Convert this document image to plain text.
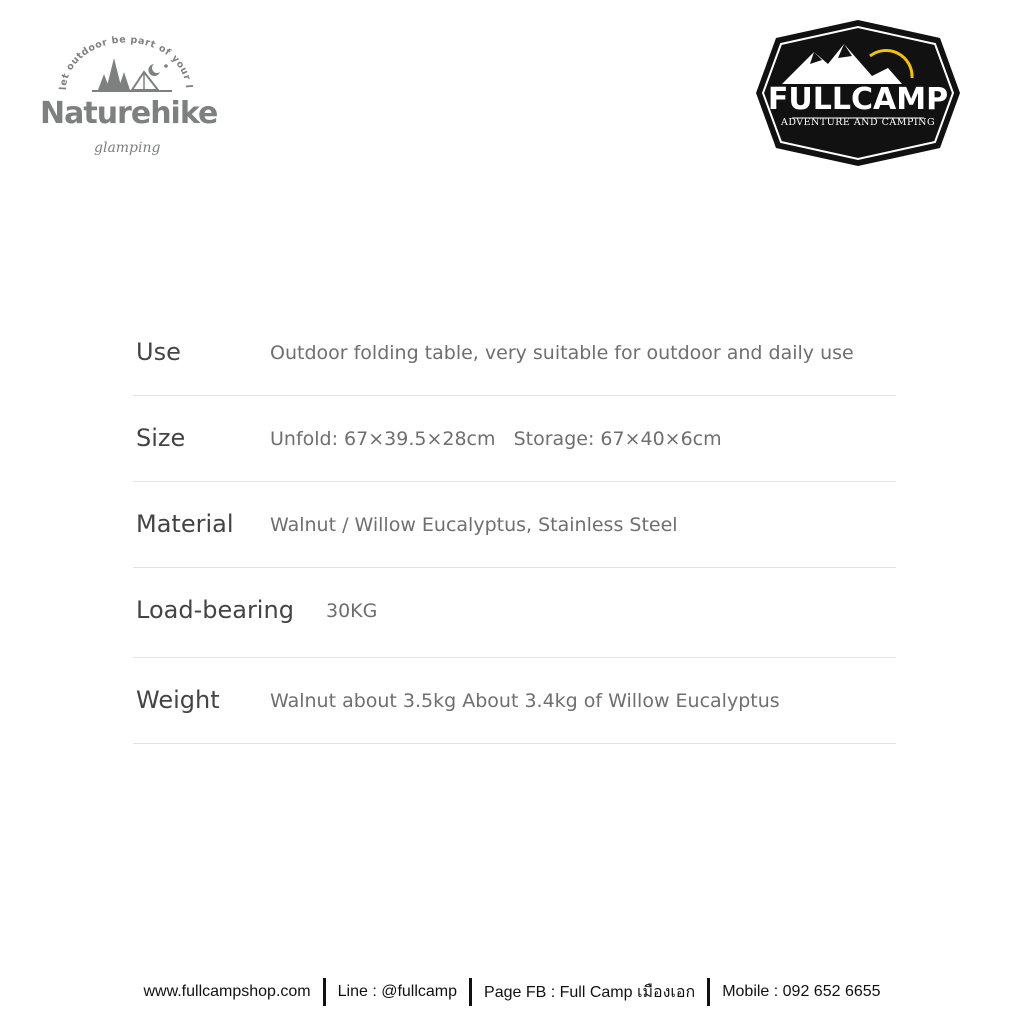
let outdoor be part of your l
Naturehike
glamping
FULLCAMP
ADVENTURE AND CAMPING
Use	Outdoor folding table, very suitable for outdoor and daily use
Size	Unfold: 67×39.5×28cm   Storage: 67×40×6cm
Material Walnut / Willow Eucalyptus, Stainless Steel
Load-bearing 30KG
Weight	Walnut about 3.5kg About 3.4kg of Willow Eucalyptus
www.fullcampshop.com Line : @fullcamp Page FB : Full Camp เมืองเอก Mobile : 092 652 6655
